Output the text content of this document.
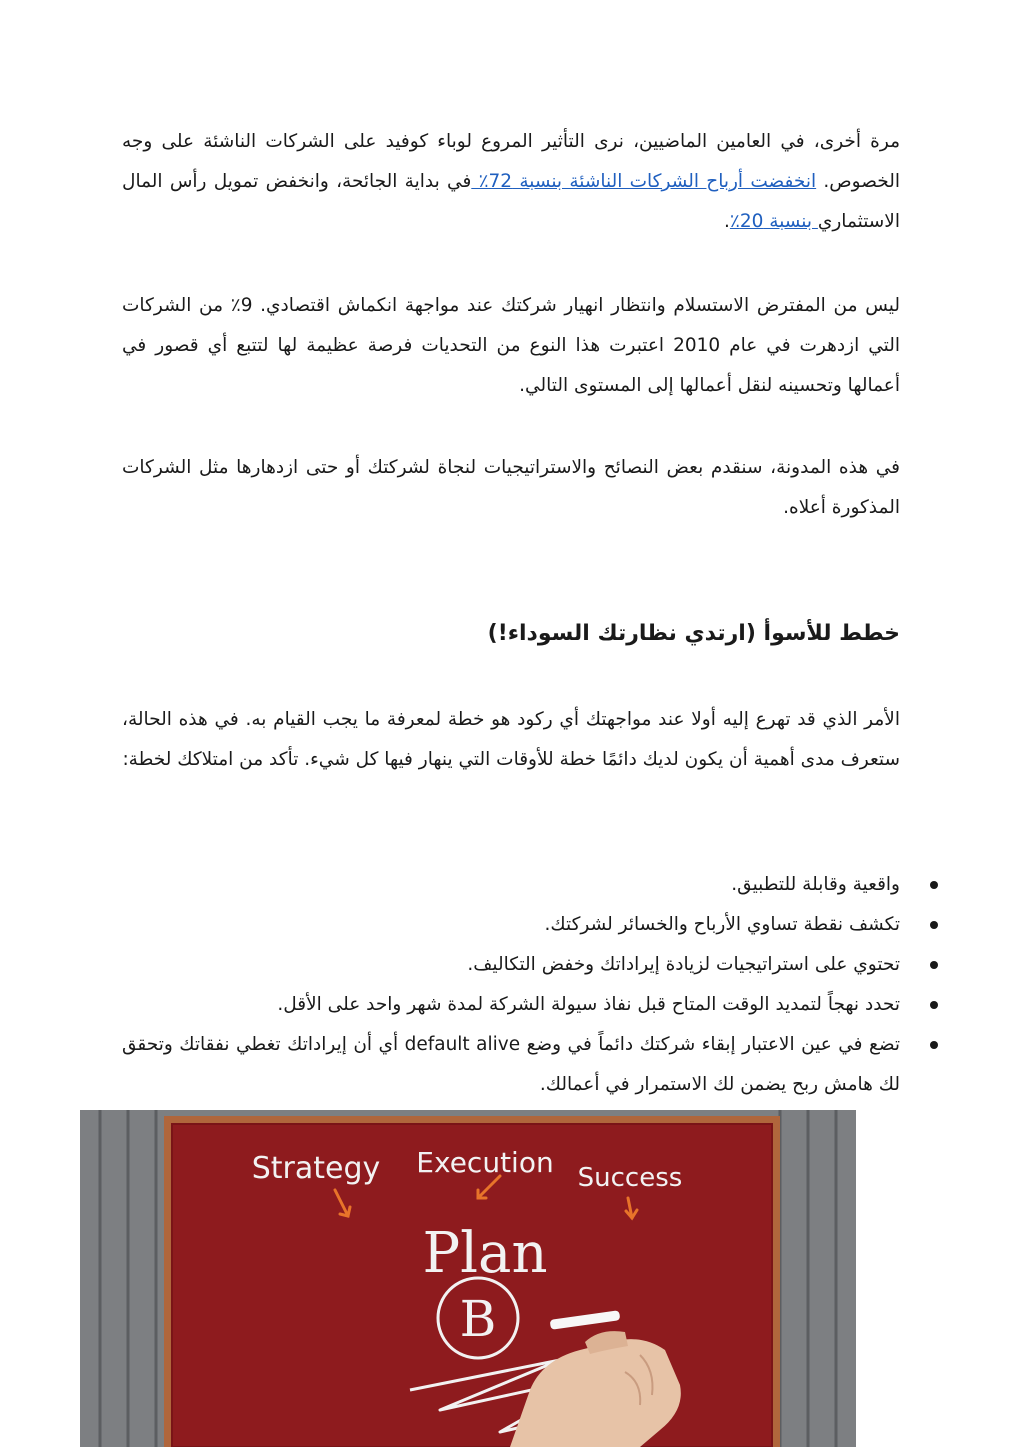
مرة أخرى، في العامين الماضيين، نرى التأثير المروع لوباء كوفيد على الشركات الناشئة على وجه الخصوص. انخفضت أرباح الشركات الناشئة بنسبة 72٪ في بداية الجائحة، وانخفض تمويل رأس المال الاستثماري بنسبة 20٪.

ليس من المفترض الاستسلام وانتظار انهيار شركتك عند مواجهة انكماش اقتصادي. 9٪ من الشركات التي ازدهرت في عام 2010 اعتبرت هذا النوع من التحديات فرصة عظيمة لها لتتبع أي قصور في أعمالها وتحسينه لنقل أعمالها إلى المستوى التالي.

في هذه المدونة، سنقدم بعض النصائح والاستراتيجيات لنجاة لشركتك أو حتى ازدهارها مثل الشركات المذكورة أعلاه.

خطط للأسوأ (ارتدي نظارتك السوداء!)

الأمر الذي قد تهرع إليه أولا عند مواجهتك أي ركود هو خطة لمعرفة ما يجب القيام به. في هذه الحالة، ستعرف مدى أهمية أن يكون لديك دائمًا خطة للأوقات التي ينهار فيها كل شيء. تأكد من امتلاكك لخطة:

واقعية وقابلة للتطبيق.
تكشف نقطة تساوي الأرباح والخسائر لشركتك.
تحتوي على استراتيجيات لزيادة إيراداتك وخفض التكاليف.
تحدد نهجاً لتمديد الوقت المتاح قبل نفاذ سيولة الشركة لمدة شهر واحد على الأقل.
تضع في عين الاعتبار إبقاء شركتك دائماً في وضع default alive أي أن إيراداتك تغطي نفقاتك وتحقق لك هامش ربح يضمن لك الاستمرار في أعمالك.
Strategy Execution Success
Plan
B
